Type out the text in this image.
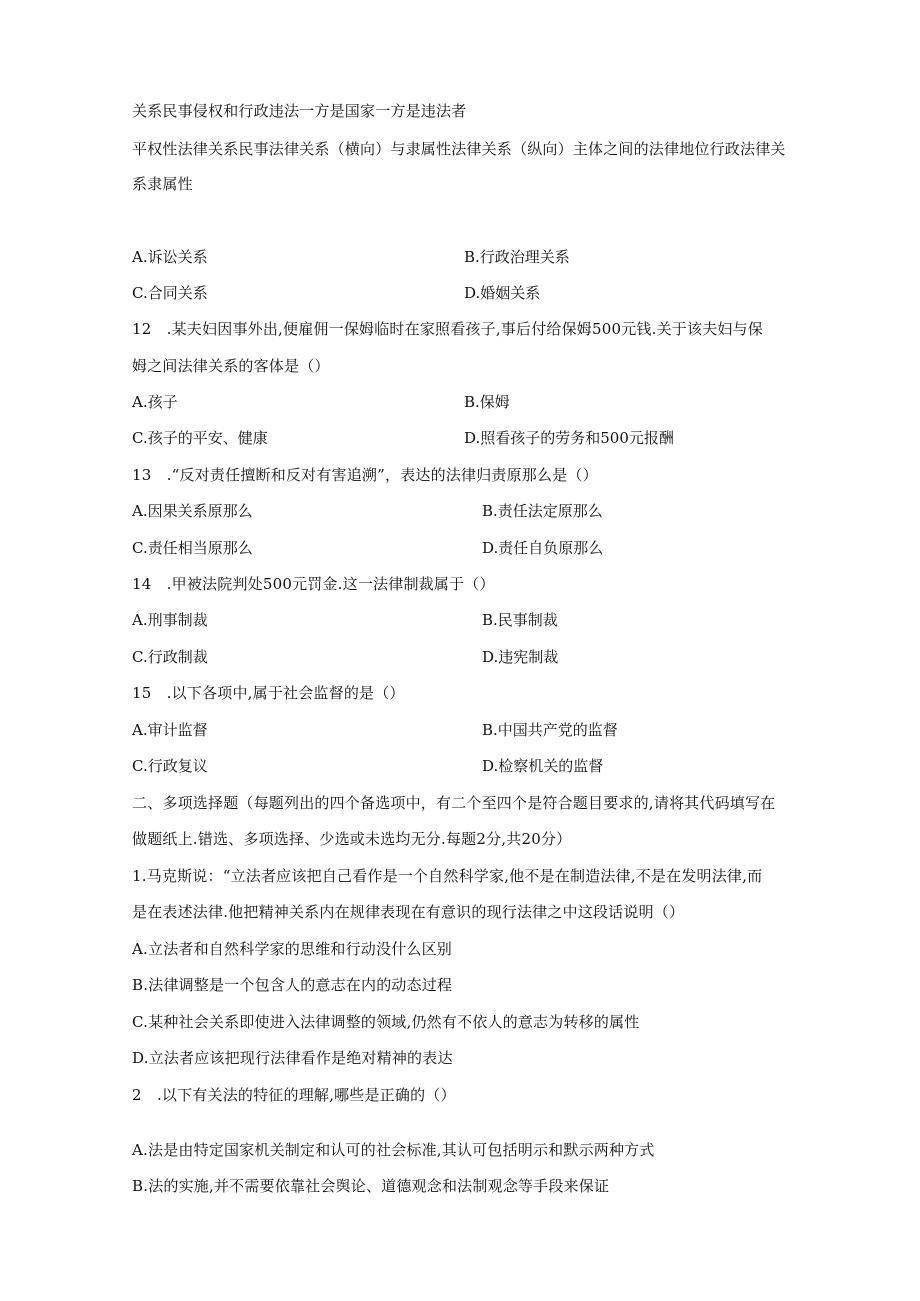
关系民事侵权和行政违法一方是国家一方是违法者
平权性法律关系民事法律关系（横向）与隶属性法律关系（纵向）主体之间的法律地位行政法律关
系隶属性
A.诉讼关系	B.行政治理关系
C.合同关系	D.婚姻关系
12　.某夫妇因事外出,便雇佣一保姆临时在家照看孩子,事后付给保姆500元钱.关于该夫妇与保
姆之间法律关系的客体是（）
A.孩子	B.保姆
C.孩子的平安、健康	D.照看孩子的劳务和500元报酬
13　.“反对责任擅断和反对有害追溯”，表达的法律归责原那么是（）
A.因果关系原那么	B.责任法定原那么
C.责任相当原那么	D.责任自负原那么
14　.甲被法院判处500元罚金.这一法律制裁属于（）
A.刑事制裁	B.民事制裁
C.行政制裁	D.违宪制裁
15　.以下各项中,属于社会监督的是（）
A.审计监督	B.中国共产党的监督
C.行政复议	D.检察机关的监督
二、多项选择题（每题列出的四个备选项中，有二个至四个是符合题目要求的,请将其代码填写在
做题纸上.错选、多项选择、少选或未选均无分.每题2分,共20分）
1.马克斯说：“立法者应该把自己看作是一个自然科学家,他不是在制造法律,不是在发明法律,而
是在表述法律.他把精神关系内在规律表现在有意识的现行法律之中这段话说明（）
A.立法者和自然科学家的思维和行动没什么区别
B.法律调整是一个包含人的意志在内的动态过程
C.某种社会关系即使进入法律调整的领域,仍然有不依人的意志为转移的属性
D.立法者应该把现行法律看作是绝对精神的表达
2　.以下有关法的特征的理解,哪些是正确的（）
A.法是由特定国家机关制定和认可的社会标准,其认可包括明示和默示两种方式
B.法的实施,并不需要依靠社会舆论、道德观念和法制观念等手段来保证
